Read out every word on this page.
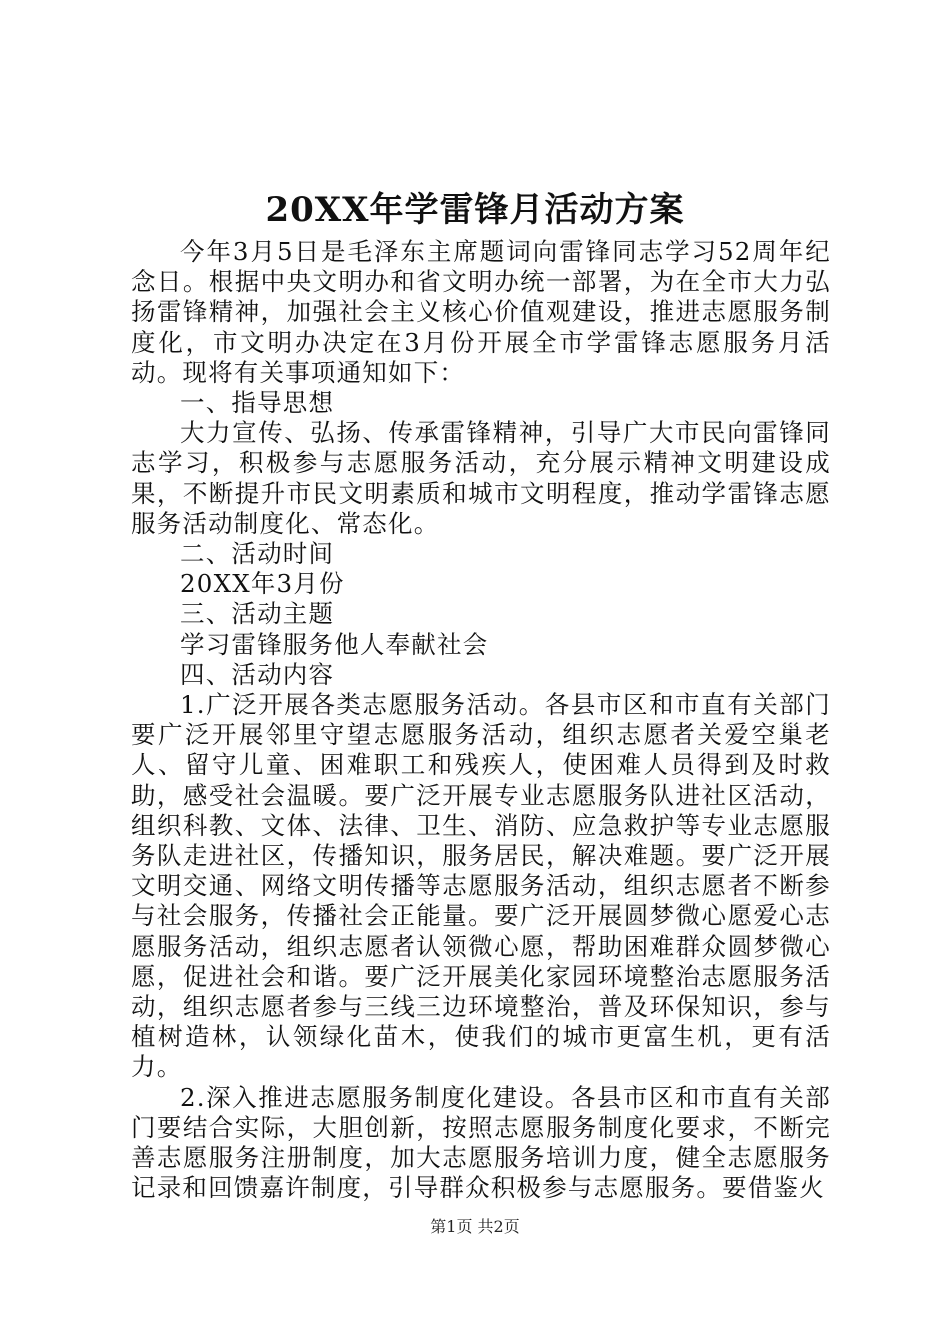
20XX年学雷锋月活动方案

今年3月5日是毛泽东主席题词向雷锋同志学习52周年纪念日。根据中央文明办和省文明办统一部署，为在全市大力弘扬雷锋精神，加强社会主义核心价值观建设，推进志愿服务制度化，市文明办决定在3月份开展全市学雷锋志愿服务月活动。现将有关事项通知如下：

一、指导思想

大力宣传、弘扬、传承雷锋精神，引导广大市民向雷锋同志学习，积极参与志愿服务活动，充分展示精神文明建设成果，不断提升市民文明素质和城市文明程度，推动学雷锋志愿服务活动制度化、常态化。

二、活动时间

20XX年3月份

三、活动主题

学习雷锋服务他人奉献社会

四、活动内容

1.广泛开展各类志愿服务活动。各县市区和市直有关部门要广泛开展邻里守望志愿服务活动，组织志愿者关爱空巢老人、留守儿童、困难职工和残疾人，使困难人员得到及时救助，感受社会温暖。要广泛开展专业志愿服务队进社区活动，组织科教、文体、法律、卫生、消防、应急救护等专业志愿服务队走进社区，传播知识，服务居民，解决难题。要广泛开展文明交通、网络文明传播等志愿服务活动，组织志愿者不断参与社会服务，传播社会正能量。要广泛开展圆梦微心愿爱心志愿服务活动，组织志愿者认领微心愿，帮助困难群众圆梦微心愿，促进社会和谐。要广泛开展美化家园环境整治志愿服务活动，组织志愿者参与三线三边环境整治，普及环保知识，参与植树造林，认领绿化苗木，使我们的城市更富生机，更有活力。

2.深入推进志愿服务制度化建设。各县市区和市直有关部门要结合实际，大胆创新，按照志愿服务制度化要求，不断完善志愿服务注册制度，加大志愿服务培训力度，健全志愿服务记录和回馈嘉许制度，引导群众积极参与志愿服务。要借鉴火

第1页 共2页
